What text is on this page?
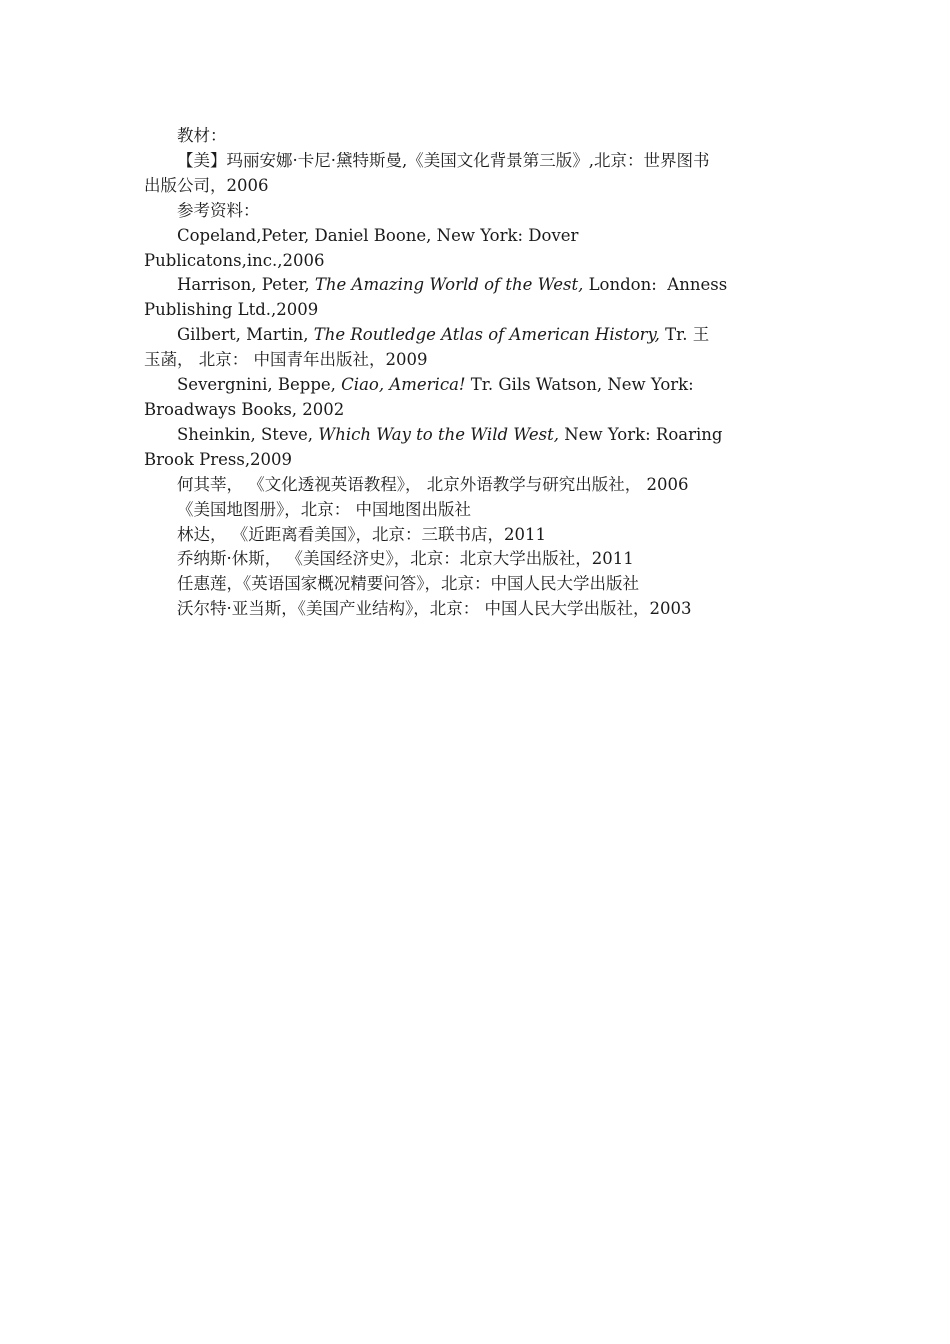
教材：
【美】玛丽安娜·卡尼·黛特斯曼,《美国文化背景第三版》,北京：世界图书
出版公司，2006
参考资料：
Copeland,Peter, Daniel Boone, New York: Dover
Publicatons,inc.,2006
Harrison, Peter, The Amazing World of the West, London:  Anness
Publishing Ltd.,2009
Gilbert, Martin, The Routledge Atlas of American History, Tr. 王
玉菡， 北京： 中国青年出版社，2009
Severgnini, Beppe, Ciao, America! Tr. Gils Watson, New York:
Broadways Books, 2002
Sheinkin, Steve, Which Way to the Wild West, New York: Roaring
Brook Press,2009
何其莘， 《文化透视英语教程》， 北京外语教学与研究出版社， 2006
《美国地图册》，北京： 中国地图出版社
林达， 《近距离看美国》，北京：三联书店，2011
乔纳斯·休斯， 《美国经济史》，北京：北京大学出版社，2011
任惠莲，《英语国家概况精要问答》，北京：中国人民大学出版社
沃尔特·亚当斯，《美国产业结构》，北京： 中国人民大学出版社，2003
